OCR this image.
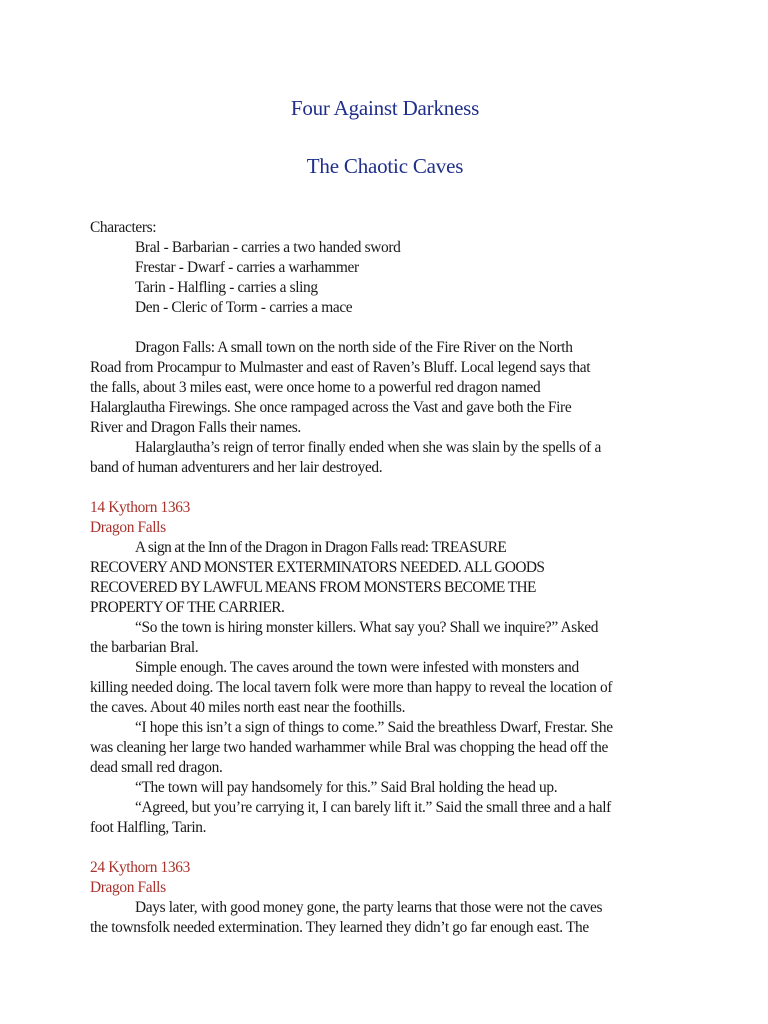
Four Against Darkness
The Chaotic Caves
Characters:
Bral - Barbarian - carries a two handed sword
Frestar - Dwarf - carries a warhammer
Tarin - Halfling - carries a sling
Den - Cleric of Torm - carries a mace
Dragon Falls: A small town on the north side of the Fire River on the North
Road from Procampur to Mulmaster and east of Raven’s Bluff. Local legend says that
the falls, about 3 miles east, were once home to a powerful red dragon named
Halarglautha Firewings. She once rampaged across the Vast and gave both the Fire
River and Dragon Falls their names.
Halarglautha’s reign of terror finally ended when she was slain by the spells of a
band of human adventurers and her lair destroyed.
14 Kythorn 1363
Dragon Falls
A sign at the Inn of the Dragon in Dragon Falls read: TREASURE
RECOVERY AND MONSTER EXTERMINATORS NEEDED. ALL GOODS
RECOVERED BY LAWFUL MEANS FROM MONSTERS BECOME THE
PROPERTY OF THE CARRIER.
“So the town is hiring monster killers. What say you? Shall we inquire?” Asked
the barbarian Bral.
Simple enough. The caves around the town were infested with monsters and
killing needed doing. The local tavern folk were more than happy to reveal the location of
the caves. About 40 miles north east near the foothills.
“I hope this isn’t a sign of things to come.” Said the breathless Dwarf, Frestar. She
was cleaning her large two handed warhammer while Bral was chopping the head off the
dead small red dragon.
“The town will pay handsomely for this.” Said Bral holding the head up.
“Agreed, but you’re carrying it, I can barely lift it.” Said the small three and a half
foot Halfling, Tarin.
24 Kythorn 1363
Dragon Falls
Days later, with good money gone, the party learns that those were not the caves
the townsfolk needed extermination. They learned they didn’t go far enough east. The
